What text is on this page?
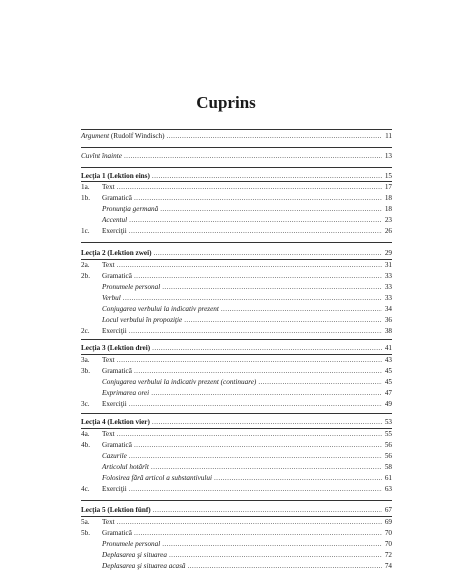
Cuprins
Argument (Rudolf Windisch) .....	11
Cuvînt înainte .....	13
Lecţia 1 (Lektion eins) .....	15
1a.	Text .....	17
1b.	Gramatică .....	18
Pronunţia germană .....	18
Accentul .....	23
1c.	Exerciţii .....	26
Lecţia 2 (Lektion zwei) .....	29
2a.	Text .....	31
2b.	Gramatică .....	33
Pronumele personal .....	33
Verbul .....	33
Conjugarea verbului la indicativ prezent .....	34
Locul verbului în propoziţie .....	36
2c.	Exerciţii .....	38
Lecţia 3 (Lektion drei) .....	41
3a.	Text .....	43
3b.	Gramatică .....	45
Conjugarea verbului la indicativ prezent (continuare) .....	45
Exprimarea orei .....	47
3c.	Exerciţii .....	49
Lecţia 4 (Lektion vier) .....	53
4a.	Text .....	55
4b.	Gramatică .....	56
Cazurile .....	56
Articolul hotărît .....	58
Folosirea fără articol a substantivului .....	61
4c.	Exerciţii .....	63
Lecţia 5 (Lektion fünf) .....	67
5a.	Text .....	69
5b.	Gramatică .....	70
Pronumele personal .....	70
Deplasarea şi situarea .....	72
Deplasarea şi situarea acasă .....	74
